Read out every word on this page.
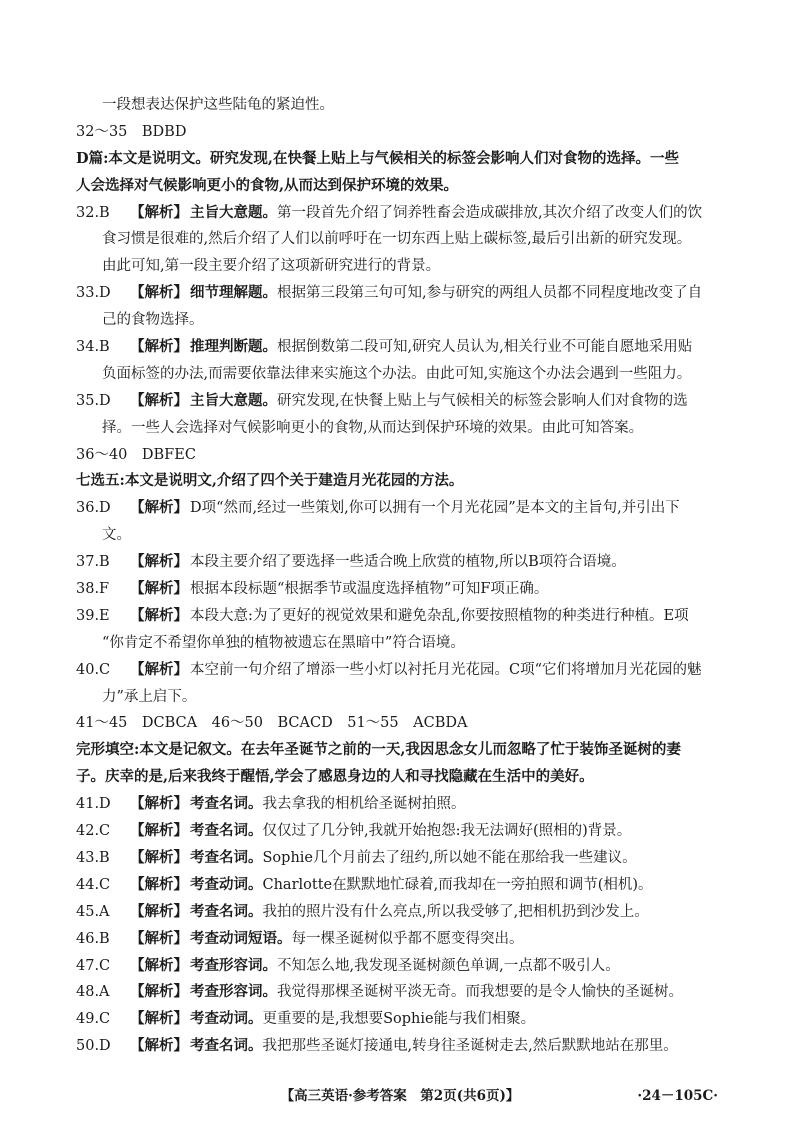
一段想表达保护这些陆龟的紧迫性。
32～35　BDBD
D篇:本文是说明文。研究发现,在快餐上贴上与气候相关的标签会影响人们对食物的选择。一些
人会选择对气候影响更小的食物,从而达到保护环境的效果。
32.B 【解析】 主旨大意题。第一段首先介绍了饲养牲畜会造成碳排放,其次介绍了改变人们的饮
食习惯是很难的,然后介绍了人们以前呼吁在一切东西上贴上碳标签,最后引出新的研究发现。
由此可知,第一段主要介绍了这项新研究进行的背景。
33.D 【解析】 细节理解题。根据第三段第三句可知,参与研究的两组人员都不同程度地改变了自
己的食物选择。
34.B 【解析】 推理判断题。根据倒数第二段可知,研究人员认为,相关行业不可能自愿地采用贴
负面标签的办法,而需要依靠法律来实施这个办法。由此可知,实施这个办法会遇到一些阻力。
35.D 【解析】 主旨大意题。研究发现,在快餐上贴上与气候相关的标签会影响人们对食物的选
择。一些人会选择对气候影响更小的食物,从而达到保护环境的效果。由此可知答案。
36～40　DBFEC
七选五:本文是说明文,介绍了四个关于建造月光花园的方法。
36.D 【解析】 D项“然而,经过一些策划,你可以拥有一个月光花园”是本文的主旨句,并引出下
文。
37.B 【解析】 本段主要介绍了要选择一些适合晚上欣赏的植物,所以B项符合语境。
38.F 【解析】 根据本段标题“根据季节或温度选择植物”可知F项正确。
39.E 【解析】 本段大意:为了更好的视觉效果和避免杂乱,你要按照植物的种类进行种植。E项
“你肯定不希望你单独的植物被遗忘在黑暗中”符合语境。
40.C 【解析】 本空前一句介绍了增添一些小灯以衬托月光花园。C项“它们将增加月光花园的魅
力”承上启下。
41～45　DCBCA　46～50　BCACD　51～55　ACBDA
完形填空:本文是记叙文。在去年圣诞节之前的一天,我因思念女儿而忽略了忙于装饰圣诞树的妻
子。庆幸的是,后来我终于醒悟,学会了感恩身边的人和寻找隐藏在生活中的美好。
41.D 【解析】 考查名词。我去拿我的相机给圣诞树拍照。
42.C 【解析】 考查名词。仅仅过了几分钟,我就开始抱怨:我无法调好(照相的)背景。
43.B 【解析】 考查名词。Sophie几个月前去了纽约,所以她不能在那给我一些建议。
44.C 【解析】 考查动词。Charlotte在默默地忙碌着,而我却在一旁拍照和调节(相机)。
45.A 【解析】 考查名词。我拍的照片没有什么亮点,所以我受够了,把相机扔到沙发上。
46.B 【解析】 考查动词短语。每一棵圣诞树似乎都不愿变得突出。
47.C 【解析】 考查形容词。不知怎么地,我发现圣诞树颜色单调,一点都不吸引人。
48.A 【解析】 考查形容词。我觉得那棵圣诞树平淡无奇。而我想要的是令人愉快的圣诞树。
49.C 【解析】 考查动词。更重要的是,我想要Sophie能与我们相聚。
50.D 【解析】 考查名词。我把那些圣诞灯接通电,转身往圣诞树走去,然后默默地站在那里。
【高三英语·参考答案　第2页(共6页)】	·24－105C·
